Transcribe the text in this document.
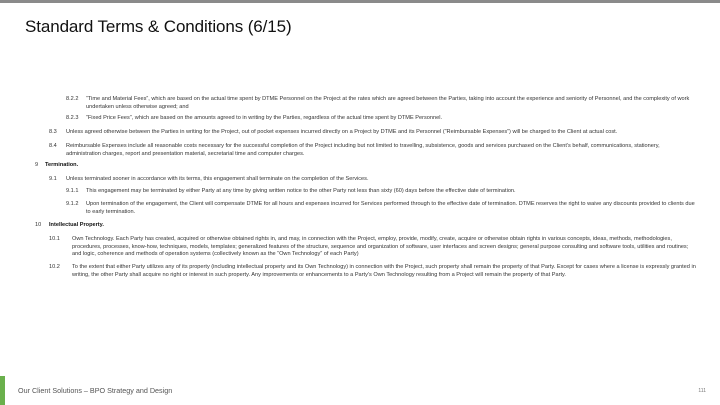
Standard Terms & Conditions (6/15)
8.2.2 “Time and Material Fees”, which are based on the actual time spent by DTME Personnel on the Project at the rates which are agreed between the Parties, taking into account the experience and seniority of Personnel, and the complexity of work undertaken unless otherwise agreed; and
8.2.3 “Fixed Price Fees”, which are based on the amounts agreed to in writing by the Parties, regardless of the actual time spent by DTME Personnel.
8.3 Unless agreed otherwise between the Parties in writing for the Project, out of pocket expenses incurred directly on a Project by DTME and its Personnel (“Reimbursable Expenses”) will be charged to the Client at actual cost.
8.4 Reimbursable Expenses include all reasonable costs necessary for the successful completion of the Project including but not limited to travelling, subsistence, goods and services purchased on the Client’s behalf, communications, stationery, administration charges, report and presentation material, secretarial time and computer charges.
9 Termination.
9.1 Unless terminated sooner in accordance with its terms, this engagement shall terminate on the completion of the Services.
9.1.1 This engagement may be terminated by either Party at any time by giving written notice to the other Party not less than sixty (60) days before the effective date of termination.
9.1.2 Upon termination of the engagement, the Client will compensate DTME for all hours and expenses incurred for Services performed through to the effective date of termination. DTME reserves the right to waive any discounts provided to clients due to early termination.
10 Intellectual Property.
10.1 Own Technology. Each Party has created, acquired or otherwise obtained rights in, and may, in connection with the Project, employ, provide, modify, create, acquire or otherwise obtain rights in various concepts, ideas, methods, methodologies, procedures, processes, know-how, techniques, models, templates; generalized features of the structure, sequence and organization of software, user interfaces and screen designs; general purpose consulting and software tools, utilities and routines; and logic, coherence and methods of operation systems (collectively known as the “Own Technology” of each Party)
10.2 To the extent that either Party utilizes any of its property (including intellectual property and its Own Technology) in connection with the Project, such property shall remain the property of that Party. Except for cases where a license is expressly granted in writing, the other Party shall acquire no right or interest in such property. Any improvements or enhancements to a Party’s Own Technology resulting from a Project will remain the property of that Party.
Our Client Solutions – BPO Strategy and Design	111
